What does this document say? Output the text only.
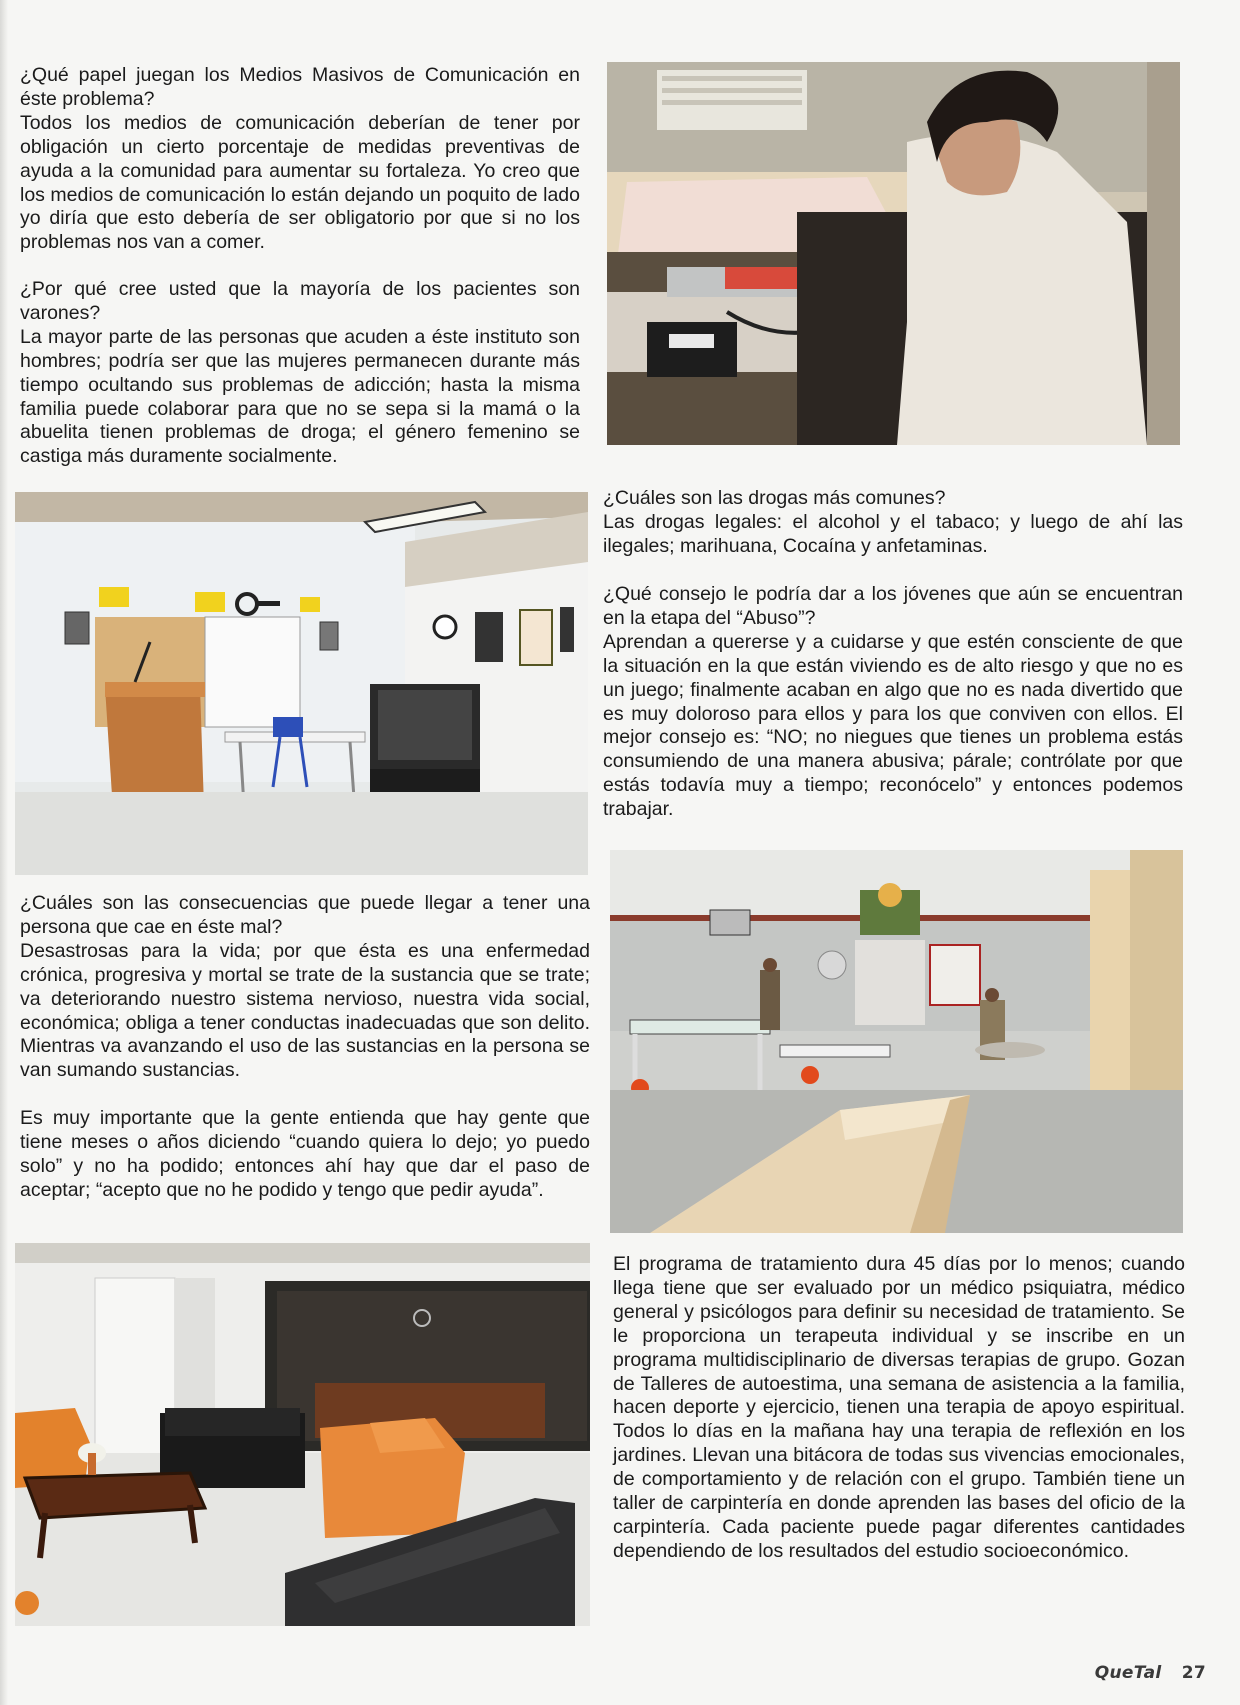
¿Qué papel juegan los Medios Masivos de Comunicación en éste problema?

Todos los medios de comunicación deberían de tener por obligación un cierto porcentaje de medidas preventivas de ayuda a la comunidad para aumentar su fortaleza. Yo creo que los medios de comunicación lo están dejando un poquito de lado yo diría que esto debería de ser obligatorio por que si no los problemas nos van a comer.

¿Por qué cree usted que la mayoría de los pacientes son varones?

La mayor parte de las personas que acuden a éste instituto son hombres; podría ser que las mujeres permanecen durante más tiempo ocultando sus problemas de adicción; hasta la misma familia puede colaborar para que no se sepa si la mamá o la abuelita tienen problemas de droga; el género femenino se castiga más duramente socialmente.

¿Cuáles son las drogas más comunes?

Las drogas legales: el alcohol y el tabaco; y luego de ahí las ilegales; marihuana, Cocaína y anfetaminas.

¿Qué consejo le podría dar a los jóvenes que aún se encuentran en la etapa del “Abuso”?

Aprendan a quererse y a cuidarse y que estén consciente de que la situación en la que están viviendo es de alto riesgo y que no es un juego; finalmente acaban en algo que no es nada divertido que es muy doloroso para ellos y para los que conviven con ellos. El mejor consejo es: “NO; no niegues que tienes un problema estás consumiendo de una manera abusiva; párale; contrólate por que estás todavía muy a tiempo; reconócelo” y entonces podemos trabajar.

¿Cuáles son las consecuencias que puede llegar a tener una persona que cae en éste mal?

Desastrosas para la vida; por que ésta es una enfermedad crónica, progresiva y mortal se trate de la sustancia que se trate; va deteriorando nuestro sistema nervioso, nuestra vida social, económica; obliga a tener conductas inadecuadas que son delito. Mientras va avanzando el uso de las sustancias en la persona se van sumando sustancias.

Es muy importante que la gente entienda que hay gente que tiene meses o años diciendo “cuando quiera lo dejo; yo puedo solo” y no ha podido; entonces ahí hay que dar el paso de aceptar; “acepto que no he podido y tengo que pedir ayuda”.

El programa de tratamiento dura 45 días por lo menos; cuando llega tiene que ser evaluado por un médico psiquiatra, médico general y psicólogos para definir su necesidad de tratamiento. Se le proporciona un terapeuta individual y se inscribe en un programa multidisciplinario de diversas terapias de grupo. Gozan de Talleres de autoestima, una semana de asistencia a la familia, hacen deporte y ejercicio, tienen una terapia de apoyo espiritual. Todos lo días en la mañana hay una terapia de reflexión en los jardines. Llevan una bitácora de todas sus vivencias emocionales, de comportamiento y de relación con el grupo. También tiene un taller de carpintería en donde aprenden las bases del oficio de la carpintería. Cada paciente puede pagar diferentes cantidades dependiendo de los resultados del estudio socioeconómico.

QueTal 27
